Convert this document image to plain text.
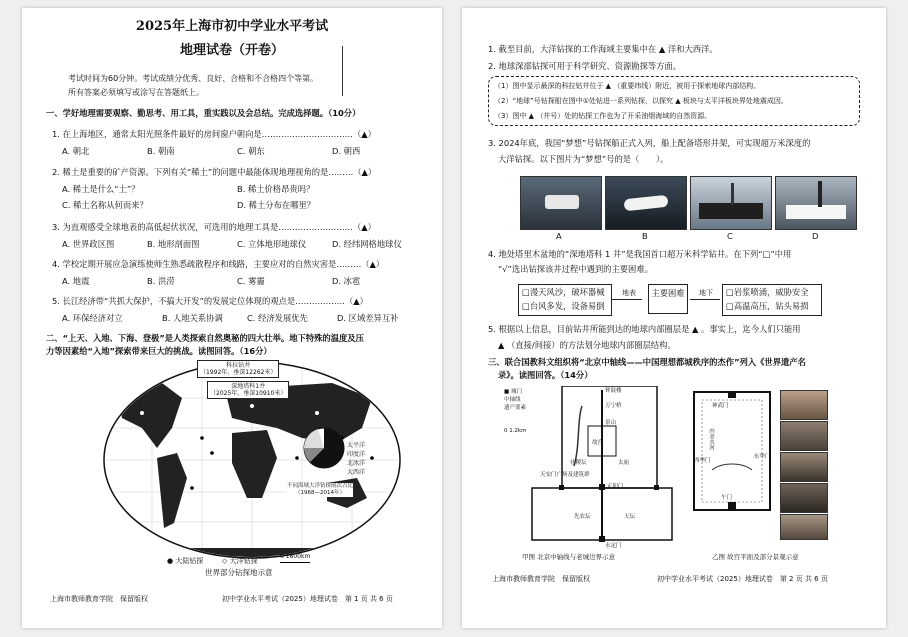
2025年上海市初中学业水平考试
地理试卷（开卷）
考试时间为60分钟。考试成绩分优秀、良好、合格和不合格四个等第。
所有答案必须填写或涂写在答题纸上。
一、学好地理需要观察、勤思考、用工具，重实践以及会总结。完成选择题。（10分）
1. 在上海地区，通常太阳光照条件最好的房间窗户朝向是……………………………（▲）
A. 朝北	B. 朝南	C. 朝东	D. 朝西
2. 稀土是重要的矿产资源。下列有关“稀土”的问题中最能体现地理视角的是………（▲）
A. 稀土是什么“土”？	B. 稀土价格昂贵吗？
C. 稀土名称从何而来？	D. 稀土分布在哪里？
3. 为直观感受全球地表的高低起伏状况，可选用的地理工具是………………………（▲）
A. 世界政区图	B. 地形剖面图	C. 立体地形地球仪	D. 经纬网格地球仪
4. 学校定期开展应急演练使师生熟悉疏散程序和线路，主要应对的自然灾害是………（▲）
A. 地震	B. 洪涝	C. 雾霾	D. 冰雹
5. 长江经济带“共抓大保护，不搞大开发”的发展定位体现的观点是………………（▲）
A. 环保经济对立	B. 人地关系协调	C. 经济发展优先	D. 区域差异互补
二、“上天、入地、下海、登极”是人类探索自然奥秘的四大壮举。地下特殊的温度及压
力等因素给“入地”探索带来巨大的挑战。读图回答。（16分）
科拉钻井
（1992年，垂深12262米）
深地塔科1井
（2025年，垂深10910米）
不同海域大洋钻探航次占比
（1968—2014年）
太平洋
印度洋
北冰洋
大西洋
● 大陆钻探	◇ 大洋钻探
0 1800km
世界部分钻探地示意
上海市教师教育学院　保留版权	初中学业水平考试（2025）地理试卷　第 1 页 共 6 页
1. 截至目前，大洋钻探的工作海域主要集中在 ▲ 洋和大西洋。
2. 地球深部钻探可用于科学研究、资源勘探等方面。
（1）图中显示最深的科拉钻井位于 ▲ （重要纬线）附近，被用于探索地球内部结构。
（2）“地球”号钻探船在图中①处钻进一系列钻探，以探究 ▲ 板块与太平洋板块界处地震成因。
（3）图中 ▲ （井号）处的钻探工作也为了开采油烟海域的自然资源。
3. 2024年底，我国“梦想”号钻探船正式入列，船上配备塔形井架，可实现超万米深度的
大洋钻探。以下图片为“梦想”号的是（　　）。
A	B	C	D
4. 地处塔里木盆地的“深地塔科 1 井”是我国首口超万米科学钻井。在下列“□”中用
“√”选出钻探该井过程中遇到的主要困难。
□漫天风沙，破坏器械
□台风多发，设备易倒
地表	主要困难	地下 □岩浆喷涌，威胁安全
□高温高压，钻头易损
5. 根据以上信息，目前钻井所能到达的地球内部圈层是 ▲ 。事实上，迄今人们只能用
▲ （直接/间接）的方法划分地球内部圈层结构。
三、联合国教科文组织将“北京中轴线——中国理想都城秩序的杰作”列入《世界遗产名
录》。读图回答。（14分）
■ 城门
中轴线
遗产要素
0 1.2km
钟鼓楼
万宁桥
景山
故宫
太庙
社稷坛
天安门广场及建筑群
正阳门
先农坛	天坛
永定门
神武门
内金水河
午门
东华门
西华门
甲图 北京中轴线与老城边界示意	乙图 故宫平面及部分景观示意
上海市教师教育学院　保留版权	初中学业水平考试（2025）地理试卷　第 2 页 共 6 页
